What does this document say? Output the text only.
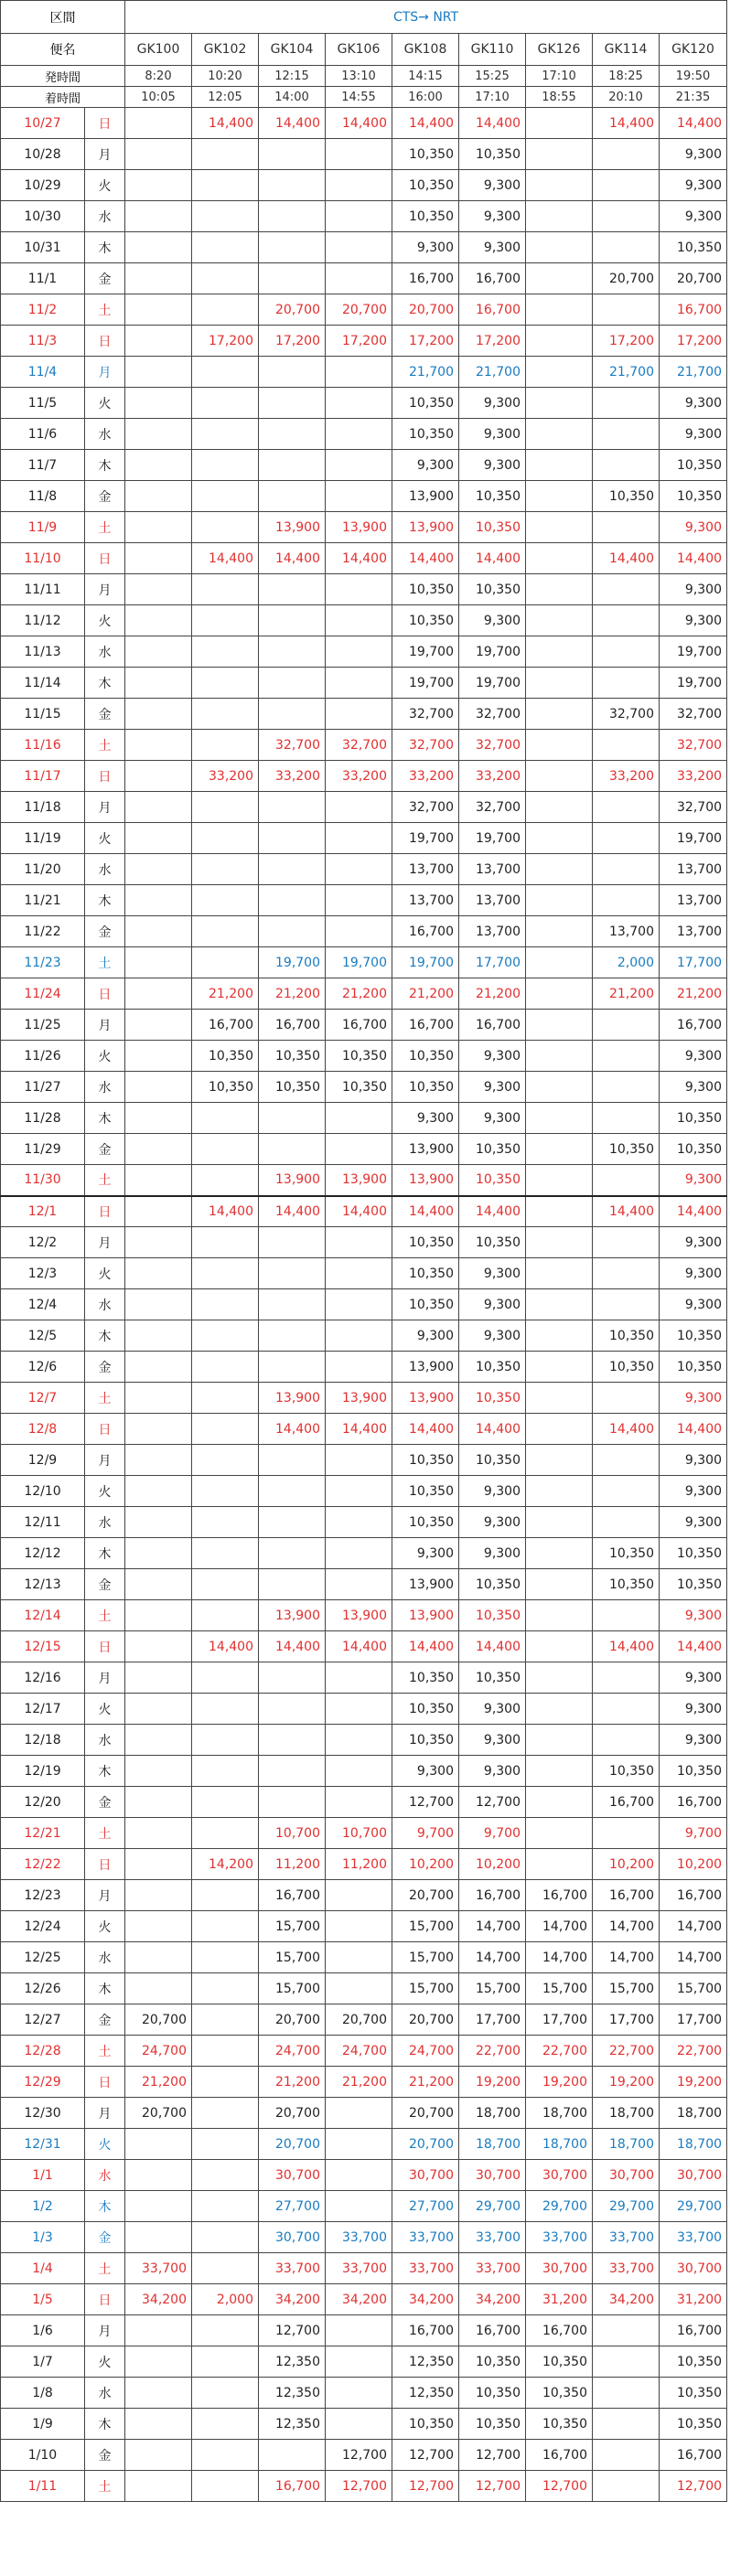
区間		CTS→ NRT								
便名		GK100	GK102	GK104	GK106	GK108	GK110	GK126	GK114	GK120
発時間		8:20	10:20	12:15	13:10	14:15	15:25	17:10	18:25	19:50
着時間		10:05	12:05	14:00	14:55	16:00	17:10	18:55	20:10	21:35
10/27	日		14,400	14,400	14,400	14,400	14,400		14,400	14,400
10/28	月					10,350	10,350			9,300
10/29	火					10,350	9,300			9,300
10/30	水					10,350	9,300			9,300
10/31	木					9,300	9,300			10,350
11/1	金					16,700	16,700		20,700	20,700
11/2	土			20,700	20,700	20,700	16,700			16,700
11/3	日		17,200	17,200	17,200	17,200	17,200		17,200	17,200
11/4	月					21,700	21,700		21,700	21,700
11/5	火					10,350	9,300			9,300
11/6	水					10,350	9,300			9,300
11/7	木					9,300	9,300			10,350
11/8	金					13,900	10,350		10,350	10,350
11/9	土			13,900	13,900	13,900	10,350			9,300
11/10	日		14,400	14,400	14,400	14,400	14,400		14,400	14,400
11/11	月					10,350	10,350			9,300
11/12	火					10,350	9,300			9,300
11/13	水					19,700	19,700			19,700
11/14	木					19,700	19,700			19,700
11/15	金					32,700	32,700		32,700	32,700
11/16	土			32,700	32,700	32,700	32,700			32,700
11/17	日		33,200	33,200	33,200	33,200	33,200		33,200	33,200
11/18	月					32,700	32,700			32,700
11/19	火					19,700	19,700			19,700
11/20	水					13,700	13,700			13,700
11/21	木					13,700	13,700			13,700
11/22	金					16,700	13,700		13,700	13,700
11/23	土			19,700	19,700	19,700	17,700		2,000	17,700
11/24	日		21,200	21,200	21,200	21,200	21,200		21,200	21,200
11/25	月		16,700	16,700	16,700	16,700	16,700			16,700
11/26	火		10,350	10,350	10,350	10,350	9,300			9,300
11/27	水		10,350	10,350	10,350	10,350	9,300			9,300
11/28	木					9,300	9,300			10,350
11/29	金					13,900	10,350		10,350	10,350
11/30	土			13,900	13,900	13,900	10,350			9,300
12/1	日		14,400	14,400	14,400	14,400	14,400		14,400	14,400
12/2	月					10,350	10,350			9,300
12/3	火					10,350	9,300			9,300
12/4	水					10,350	9,300			9,300
12/5	木					9,300	9,300		10,350	10,350
12/6	金					13,900	10,350		10,350	10,350
12/7	土			13,900	13,900	13,900	10,350			9,300
12/8	日			14,400	14,400	14,400	14,400		14,400	14,400
12/9	月					10,350	10,350			9,300
12/10	火					10,350	9,300			9,300
12/11	水					10,350	9,300			9,300
12/12	木					9,300	9,300		10,350	10,350
12/13	金					13,900	10,350		10,350	10,350
12/14	土			13,900	13,900	13,900	10,350			9,300
12/15	日		14,400	14,400	14,400	14,400	14,400		14,400	14,400
12/16	月					10,350	10,350			9,300
12/17	火					10,350	9,300			9,300
12/18	水					10,350	9,300			9,300
12/19	木					9,300	9,300		10,350	10,350
12/20	金					12,700	12,700		16,700	16,700
12/21	土			10,700	10,700	9,700	9,700			9,700
12/22	日		14,200	11,200	11,200	10,200	10,200		10,200	10,200
12/23	月			16,700		20,700	16,700	16,700	16,700	16,700
12/24	火			15,700		15,700	14,700	14,700	14,700	14,700
12/25	水			15,700		15,700	14,700	14,700	14,700	14,700
12/26	木			15,700		15,700	15,700	15,700	15,700	15,700
12/27	金	20,700		20,700	20,700	20,700	17,700	17,700	17,700	17,700
12/28	土	24,700		24,700	24,700	24,700	22,700	22,700	22,700	22,700
12/29	日	21,200		21,200	21,200	21,200	19,200	19,200	19,200	19,200
12/30	月	20,700		20,700		20,700	18,700	18,700	18,700	18,700
12/31	火			20,700		20,700	18,700	18,700	18,700	18,700
1/1	水			30,700		30,700	30,700	30,700	30,700	30,700
1/2	木			27,700		27,700	29,700	29,700	29,700	29,700
1/3	金			30,700	33,700	33,700	33,700	33,700	33,700	33,700
1/4	土	33,700		33,700	33,700	33,700	33,700	30,700	33,700	30,700
1/5	日	34,200	2,000	34,200	34,200	34,200	34,200	31,200	34,200	31,200
1/6	月			12,700		16,700	16,700	16,700		16,700
1/7	火			12,350		12,350	10,350	10,350		10,350
1/8	水			12,350		12,350	10,350	10,350		10,350
1/9	木			12,350		10,350	10,350	10,350		10,350
1/10	金				12,700	12,700	12,700	16,700		16,700
1/11	土			16,700	12,700	12,700	12,700	12,700		12,700
